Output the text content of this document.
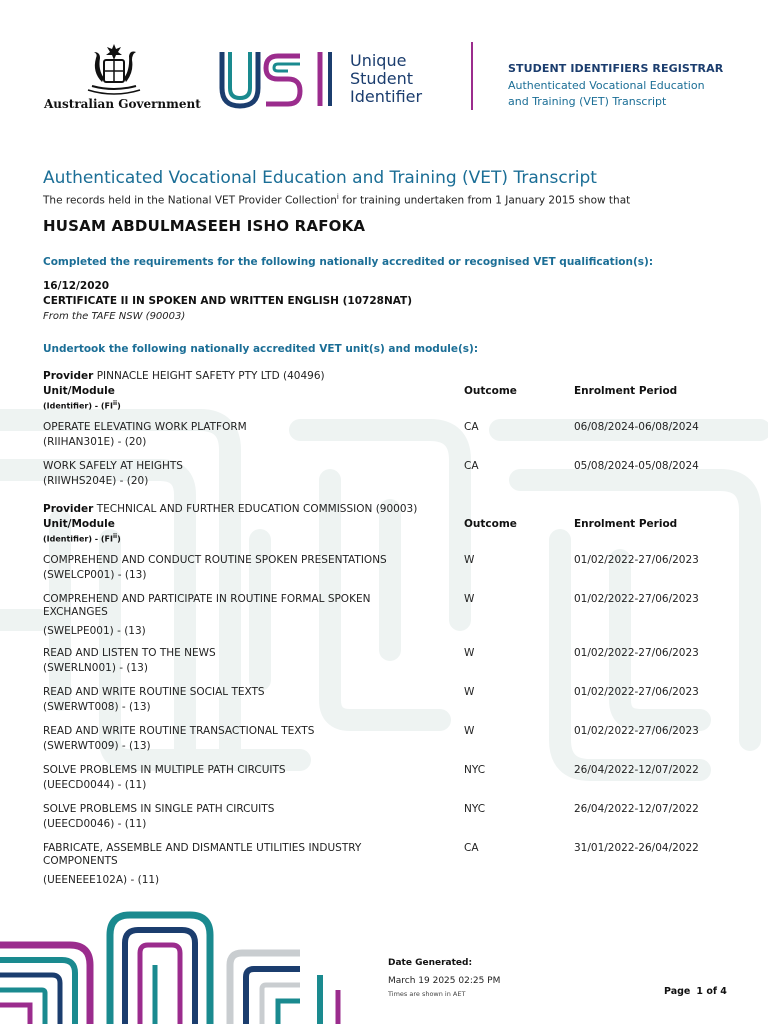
Australian Government
Unique
Student
Identifier
STUDENT IDENTIFIERS REGISTRAR
Authenticated Vocational Education
and Training (VET) Transcript
Authenticated Vocational Education and Training (VET) Transcript
The records held in the National VET Provider Collection$^i$ for training undertaken from 1 January 2015 show that
HUSAM ABDULMASEEH ISHO RAFOKA
Completed the requirements for the following nationally accredited or recognised VET qualification(s):
16/12/2020
CERTIFICATE II IN SPOKEN AND WRITTEN ENGLISH (10728NAT)
From the TAFE NSW (90003)
Undertook the following nationally accredited VET unit(s) and module(s):
Provider PINNACLE HEIGHT SAFETY PTY LTD (40496)
Unit/Module	Outcome	Enrolment Period
(Identifier) - (FI$^{ii}$)
OPERATE ELEVATING WORK PLATFORM
(RIIHAN301E) - (20)
CA	06/08/2024-06/08/2024
WORK SAFELY AT HEIGHTS
(RIIWHS204E) - (20)
CA	05/08/2024-05/08/2024
Provider TECHNICAL AND FURTHER EDUCATION COMMISSION (90003)
Unit/Module	Outcome	Enrolment Period
(Identifier) - (FI$^{ii}$)
COMPREHEND AND CONDUCT ROUTINE SPOKEN PRESENTATIONS
(SWELCP001) - (13)
W	01/02/2022-27/06/2023
COMPREHEND AND PARTICIPATE IN ROUTINE FORMAL SPOKEN EXCHANGES
(SWELPE001) - (13)
W	01/02/2022-27/06/2023
READ AND LISTEN TO THE NEWS
(SWERLN001) - (13)
W	01/02/2022-27/06/2023
READ AND WRITE ROUTINE SOCIAL TEXTS
(SWERWT008) - (13)
W	01/02/2022-27/06/2023
READ AND WRITE ROUTINE TRANSACTIONAL TEXTS
(SWERWT009) - (13)
W	01/02/2022-27/06/2023
SOLVE PROBLEMS IN MULTIPLE PATH CIRCUITS
(UEECD0044) - (11)
NYC	26/04/2022-12/07/2022
SOLVE PROBLEMS IN SINGLE PATH CIRCUITS
(UEECD0046) - (11)
NYC	26/04/2022-12/07/2022
FABRICATE, ASSEMBLE AND DISMANTLE UTILITIES INDUSTRY COMPONENTS
(UEENEEE102A) - (11)
CA	31/01/2022-26/04/2022
Date Generated:
March 19 2025 02:25 PM
Times are shown in AET	Page 1 of 4
